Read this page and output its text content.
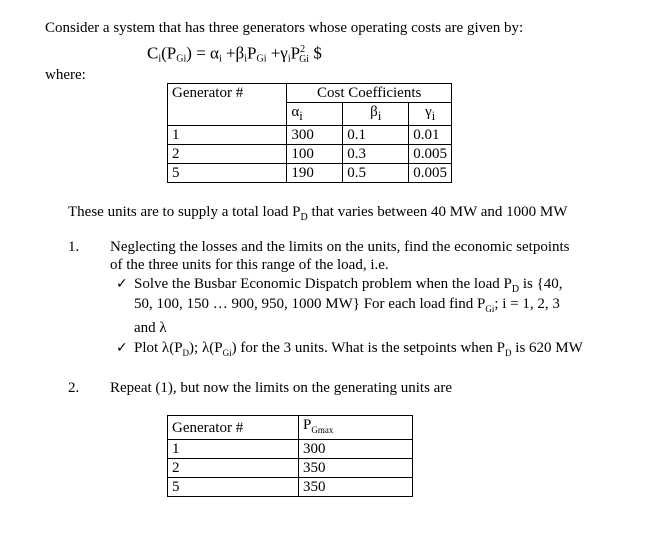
Consider a system that has three generators whose operating costs are given by:
$C_i(P_{Gi}) = \alpha_i +\beta_iP_{Gi} +\gamma_iP^2_{Gi}$ $
where:
Generator #	Cost Coefficients		
	$\alpha_i$	$\beta_i$	$\gamma_i$
1	300	0.1	0.01
2	100	0.3	0.005
5	190	0.5	0.005
These units are to supply a total load $P_D$ that varies between 40 MW and 1000 MW
1. Neglecting the losses and the limits on the units, find the economic setpoints
of the three units for this range of the load, i.e.
✓ Solve the Busbar Economic Dispatch problem when the load $P_D$ is {40,
50, 100, 150 … 900, 950, 1000 MW} For each load find $P_{Gi}$; i = 1, 2, 3
and λ
✓ Plot $\lambda(P_D)$; $\lambda(P_{Gi})$ for the 3 units. What is the setpoints when $P_D$ is 620 MW
2. Repeat (1), but now the limits on the generating units are
Generator #	$P_{Gmax}$
1	300
2	350
5	350
